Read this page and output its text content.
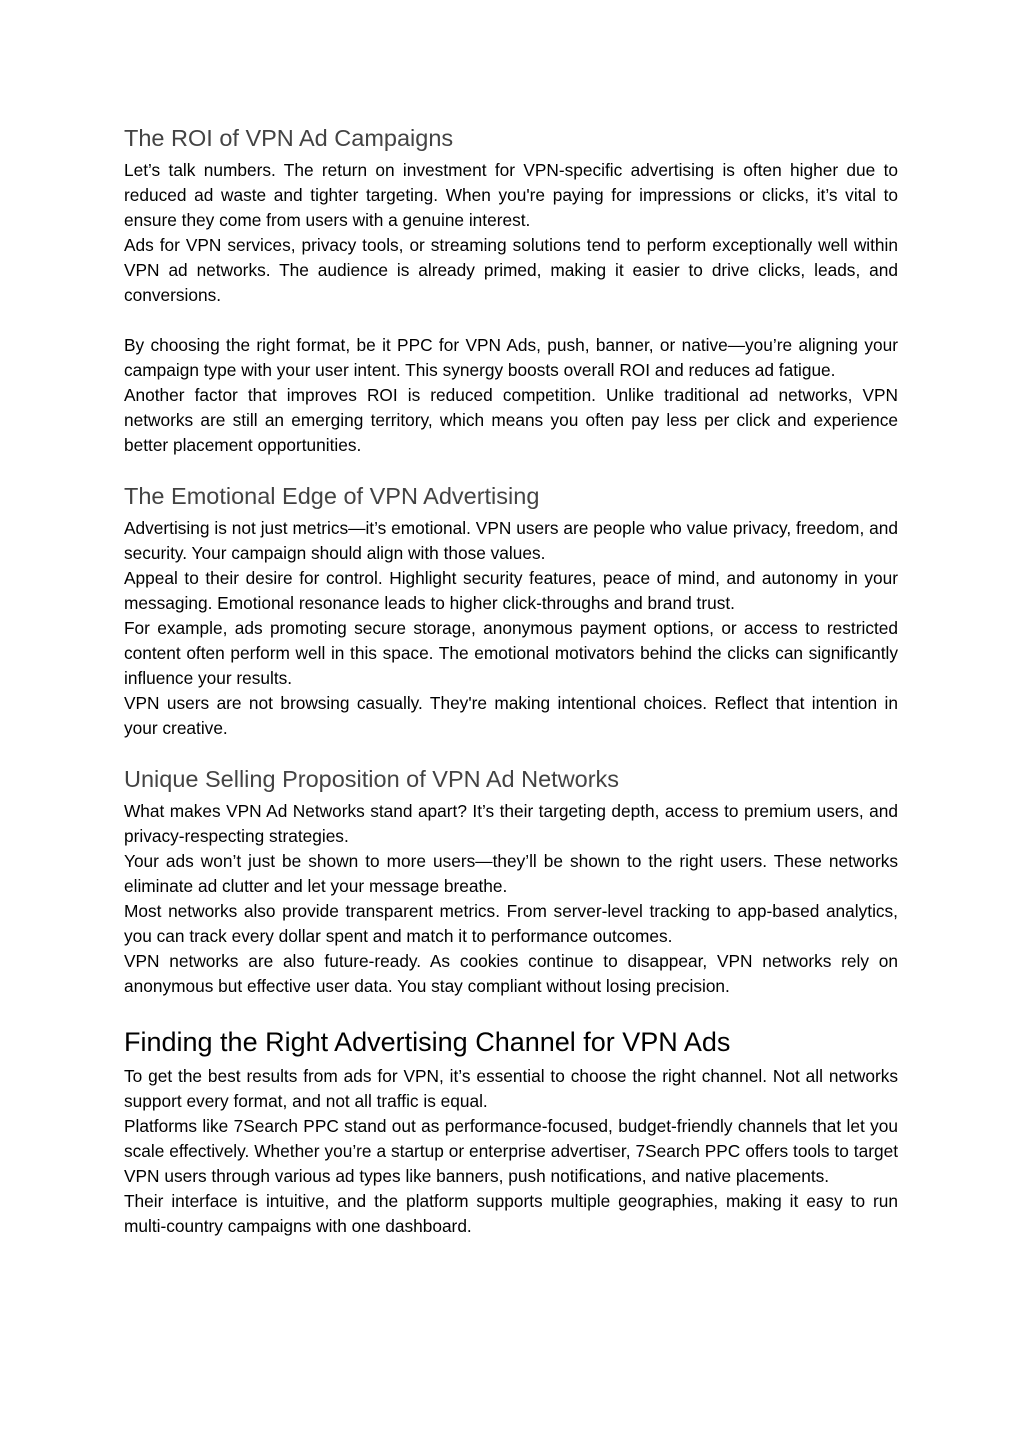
The ROI of VPN Ad Campaigns

Let’s talk numbers. The return on investment for VPN-specific advertising is often higher due to reduced ad waste and tighter targeting. When you're paying for impressions or clicks, it’s vital to ensure they come from users with a genuine interest.

Ads for VPN services, privacy tools, or streaming solutions tend to perform exceptionally well within VPN ad networks. The audience is already primed, making it easier to drive clicks, leads, and conversions.

By choosing the right format, be it PPC for VPN Ads, push, banner, or native—you’re aligning your campaign type with your user intent. This synergy boosts overall ROI and reduces ad fatigue.

Another factor that improves ROI is reduced competition. Unlike traditional ad networks, VPN networks are still an emerging territory, which means you often pay less per click and experience better placement opportunities.

The Emotional Edge of VPN Advertising

Advertising is not just metrics—it’s emotional. VPN users are people who value privacy, freedom, and security. Your campaign should align with those values.

Appeal to their desire for control. Highlight security features, peace of mind, and autonomy in your messaging. Emotional resonance leads to higher click-throughs and brand trust.

For example, ads promoting secure storage, anonymous payment options, or access to restricted content often perform well in this space. The emotional motivators behind the clicks can significantly influence your results.

VPN users are not browsing casually. They're making intentional choices. Reflect that intention in your creative.

Unique Selling Proposition of VPN Ad Networks

What makes VPN Ad Networks stand apart? It’s their targeting depth, access to premium users, and privacy-respecting strategies.

Your ads won’t just be shown to more users—they’ll be shown to the right users. These networks eliminate ad clutter and let your message breathe.

Most networks also provide transparent metrics. From server-level tracking to app-based analytics, you can track every dollar spent and match it to performance outcomes.

VPN networks are also future-ready. As cookies continue to disappear, VPN networks rely on anonymous but effective user data. You stay compliant without losing precision.

Finding the Right Advertising Channel for VPN Ads

To get the best results from ads for VPN, it’s essential to choose the right channel. Not all networks support every format, and not all traffic is equal.

Platforms like 7Search PPC stand out as performance-focused, budget-friendly channels that let you scale effectively. Whether you’re a startup or enterprise advertiser, 7Search PPC offers tools to target VPN users through various ad types like banners, push notifications, and native placements.

Their interface is intuitive, and the platform supports multiple geographies, making it easy to run multi-country campaigns with one dashboard.
